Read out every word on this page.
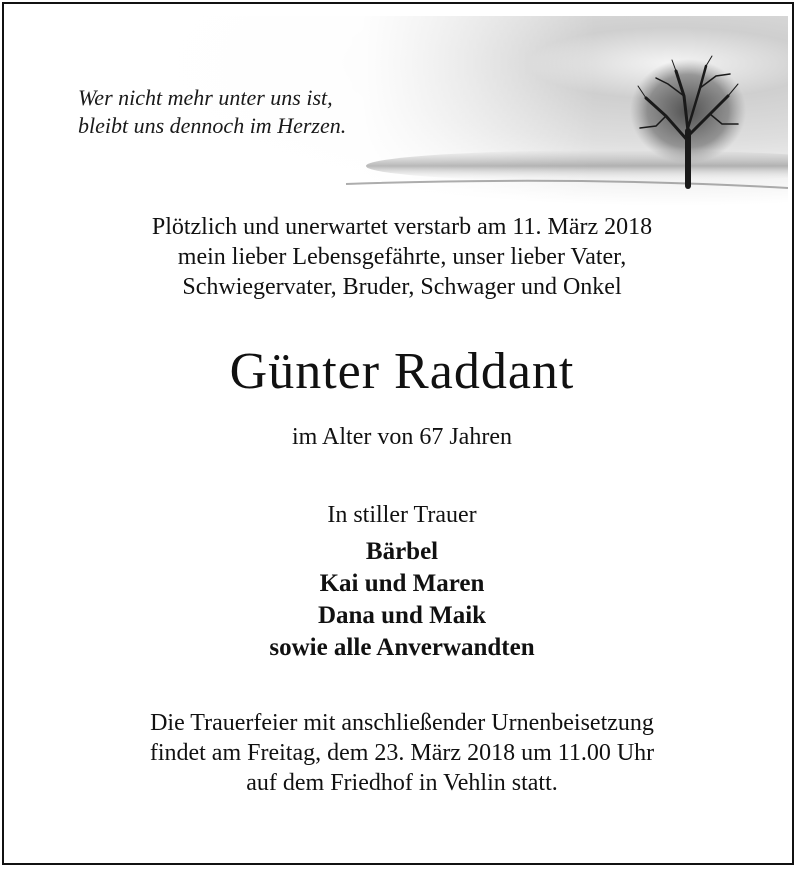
Wer nicht mehr unter uns ist,
bleibt uns dennoch im Herzen.

Plötzlich und unerwartet verstarb am 11. März 2018
mein lieber Lebensgefährte, unser lieber Vater,
Schwiegervater, Bruder, Schwager und Onkel

Günter Raddant

im Alter von 67 Jahren

In stiller Trauer

Bärbel
Kai und Maren
Dana und Maik
sowie alle Anverwandten

Die Trauerfeier mit anschließender Urnenbeisetzung
findet am Freitag, dem 23. März 2018 um 11.00 Uhr
auf dem Friedhof in Vehlin statt.
